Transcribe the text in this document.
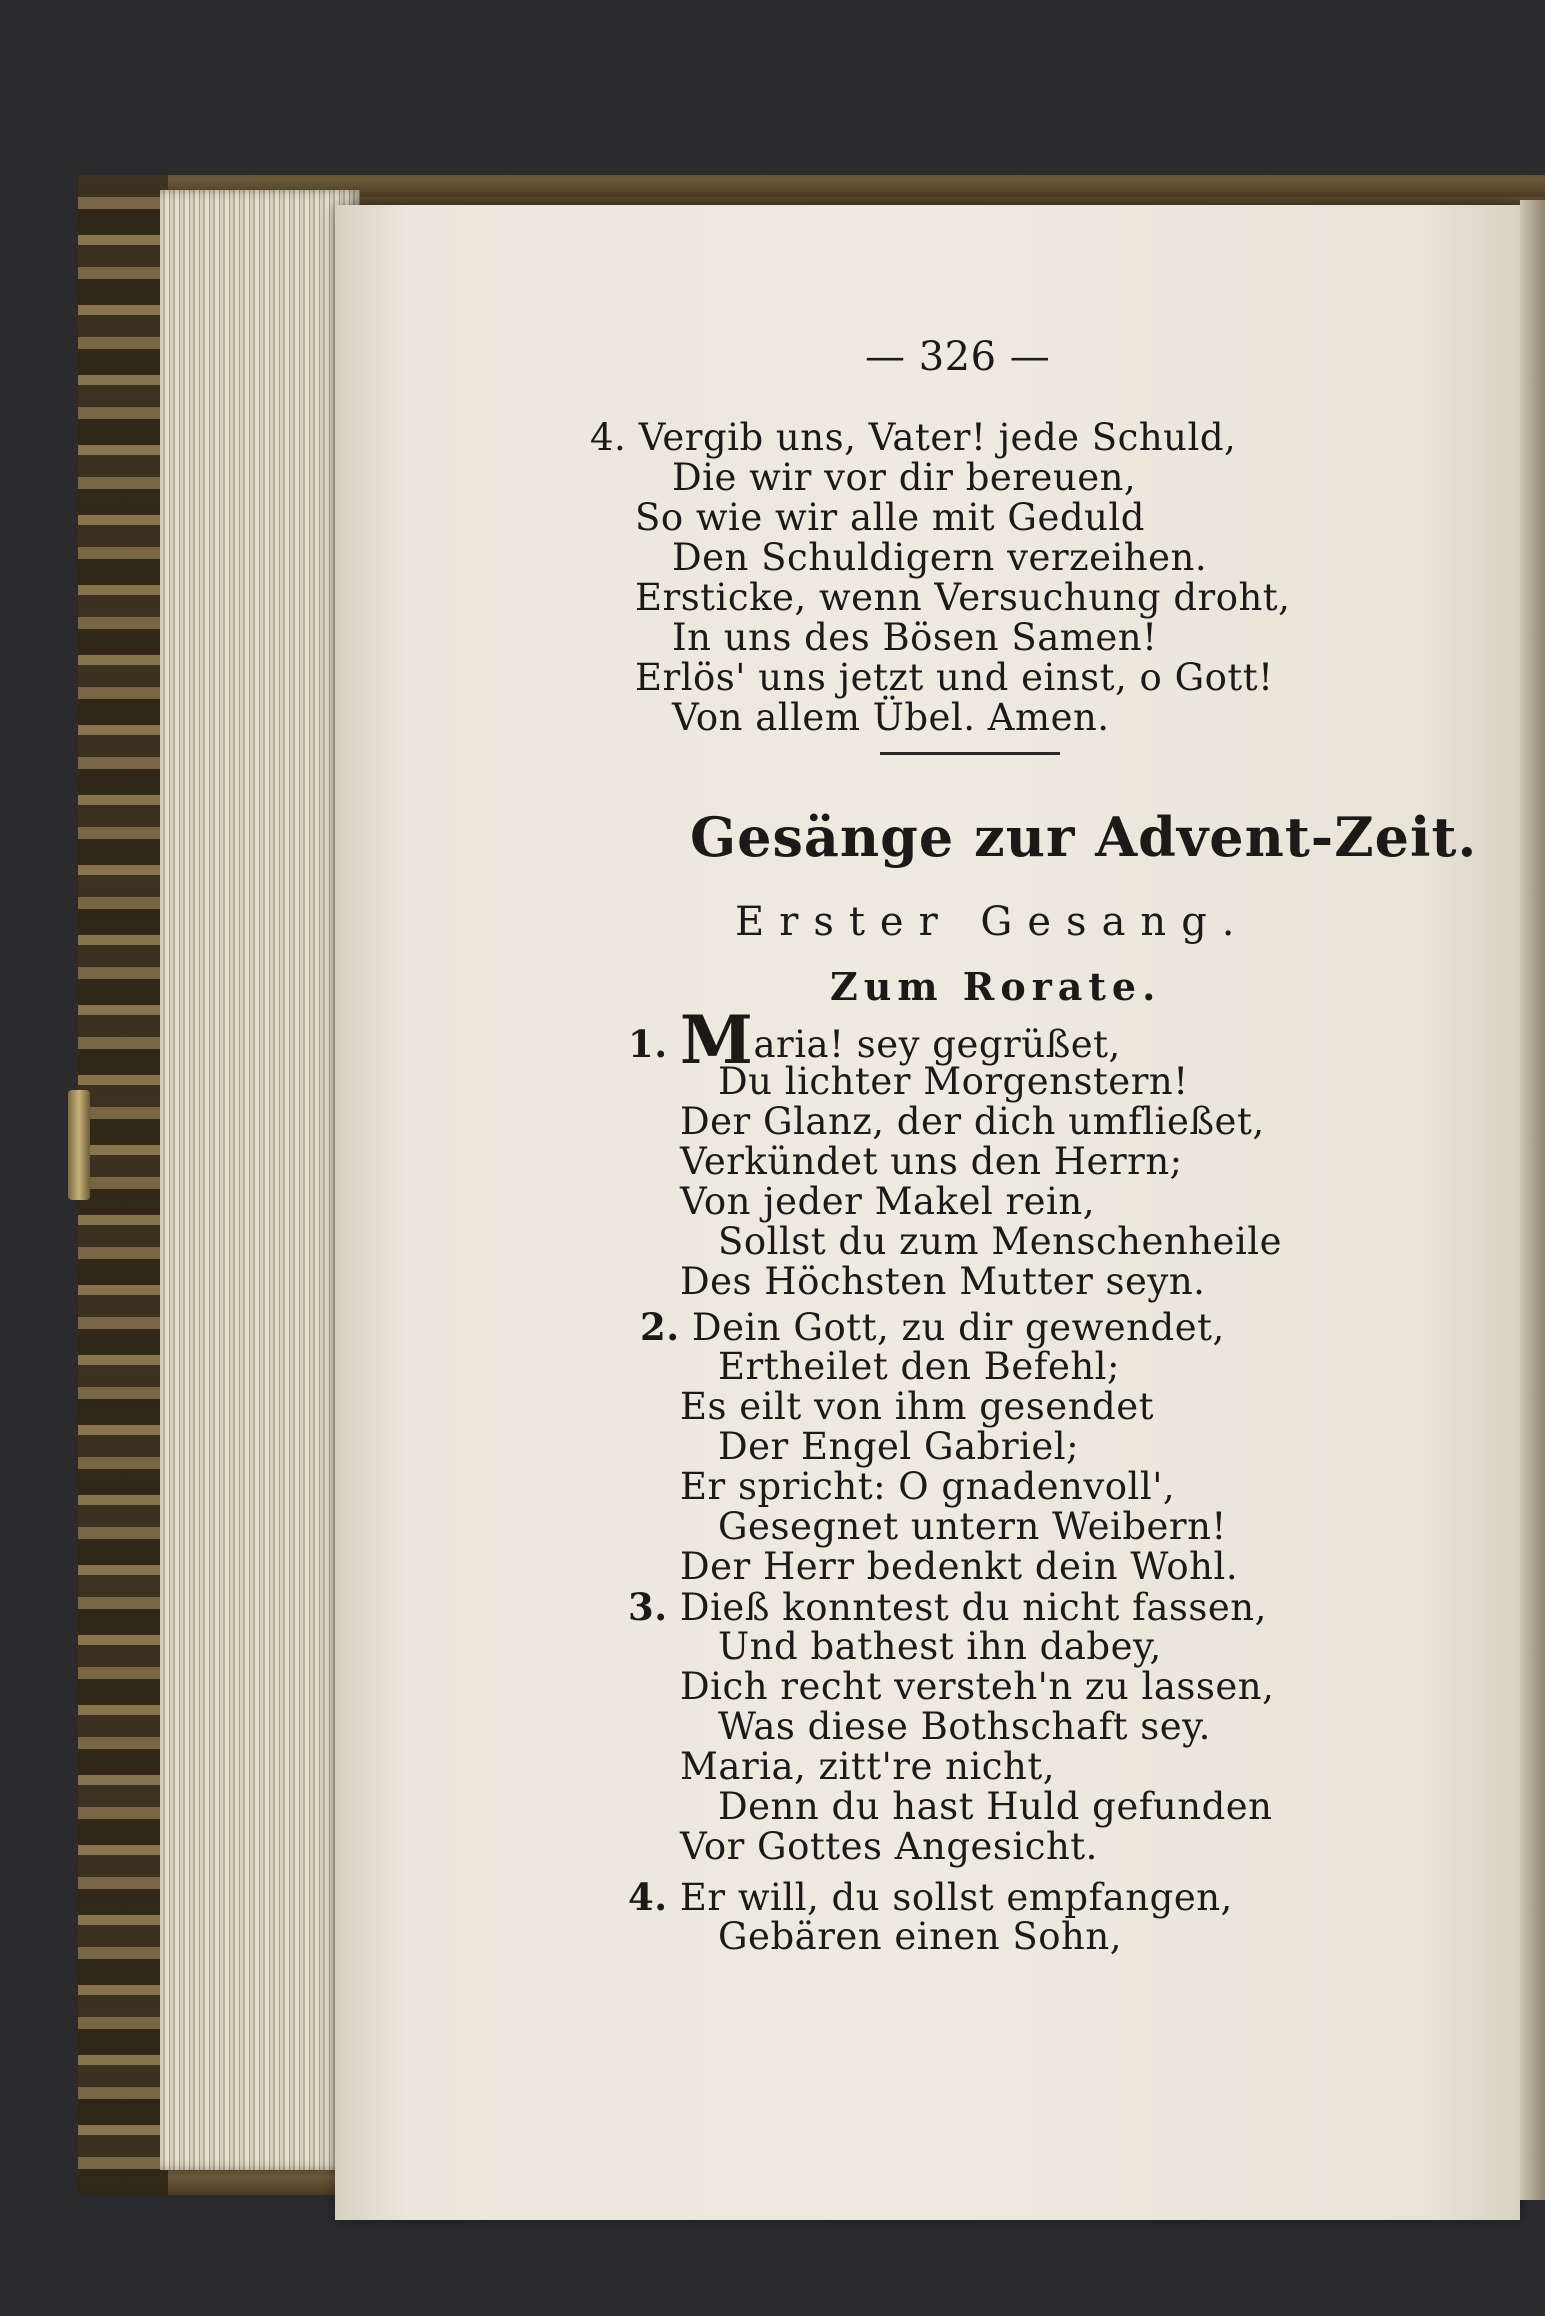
— 326 —
4. Vergib uns, Vater! jede Schuld,
Die wir vor dir bereuen,
So wie wir alle mit Geduld
Den Schuldigern verzeihen.
Ersticke, wenn Versuchung droht,
In uns des Bösen Samen!
Erlös' uns jetzt und einst, o Gott!
Von allem Übel. Amen.
Gesänge zur Advent-Zeit.
Erster Gesang.
Zum Rorate.
1. Maria! sey gegrüßet,
Du lichter Morgenstern!
Der Glanz, der dich umfließet,
Verkündet uns den Herrn;
Von jeder Makel rein,
Sollst du zum Menschenheile
Des Höchsten Mutter seyn.
2. Dein Gott, zu dir gewendet,
Ertheilet den Befehl;
Es eilt von ihm gesendet
Der Engel Gabriel;
Er spricht: O gnadenvoll',
Gesegnet untern Weibern!
Der Herr bedenkt dein Wohl.
3. Dieß konntest du nicht fassen,
Und bathest ihn dabey,
Dich recht versteh'n zu lassen,
Was diese Bothschaft sey.
Maria, zitt're nicht,
Denn du hast Huld gefunden
Vor Gottes Angesicht.
4. Er will, du sollst empfangen,
Gebären einen Sohn,
